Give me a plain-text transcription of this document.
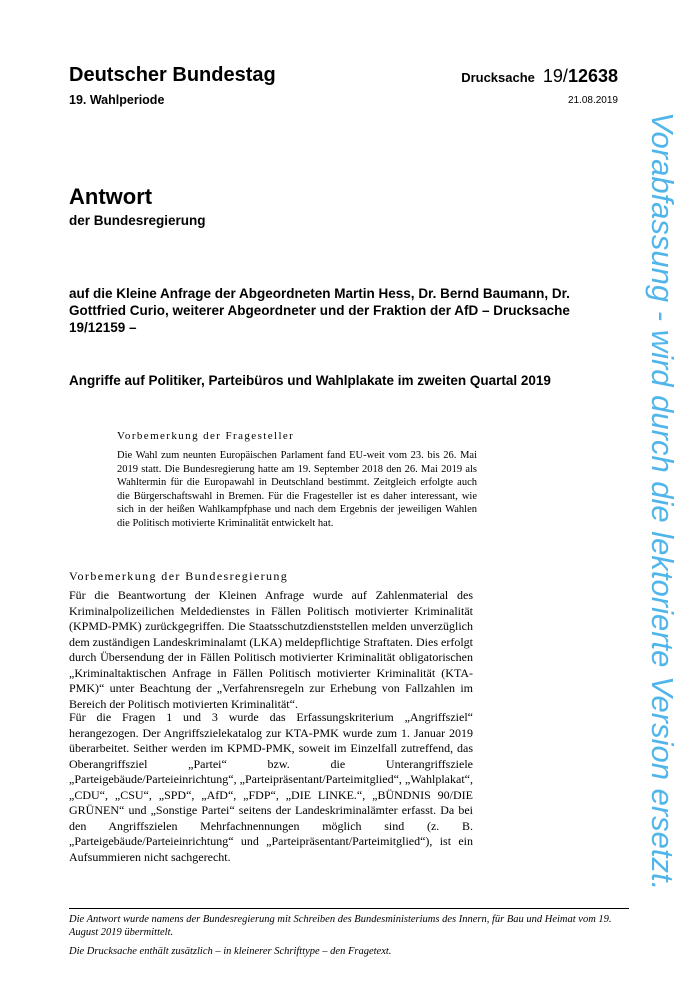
Deutscher Bundestag
19. Wahlperiode
Drucksache 19/12638
21.08.2019
Antwort
der Bundesregierung
auf die Kleine Anfrage der Abgeordneten Martin Hess, Dr. Bernd Baumann, Dr. Gottfried Curio, weiterer Abgeordneter und der Fraktion der AfD – Drucksache 19/12159 –
Angriffe auf Politiker, Parteibüros und Wahlplakate im zweiten Quartal 2019
Vorbemerkung der Fragesteller
Die Wahl zum neunten Europäischen Parlament fand EU-weit vom 23. bis 26. Mai 2019 statt. Die Bundesregierung hatte am 19. September 2018 den 26. Mai 2019 als Wahltermin für die Europawahl in Deutschland bestimmt. Zeitgleich erfolgte auch die Bürgerschaftswahl in Bremen. Für die Fragesteller ist es daher interessant, wie sich in der heißen Wahlkampfphase und nach dem Ergebnis der jeweiligen Wahlen die Politisch motivierte Kriminalität entwickelt hat.
Vorbemerkung der Bundesregierung

Für die Beantwortung der Kleinen Anfrage wurde auf Zahlenmaterial des Kriminalpolizeilichen Meldedienstes in Fällen Politisch motivierter Kriminalität (KPMD-PMK) zurückgegriffen. Die Staatsschutzdienststellen melden unverzüglich dem zuständigen Landeskriminalamt (LKA) meldepflichtige Straftaten. Dies erfolgt durch Übersendung der in Fällen Politisch motivierter Kriminalität obligatorischen „Kriminaltaktischen Anfrage in Fällen Politisch motivierter Kriminalität (KTA-PMK)“ unter Beachtung der „Verfahrensregeln zur Erhebung von Fallzahlen im Bereich der Politisch motivierten Kriminalität“.

Für die Fragen 1 und 3 wurde das Erfassungskriterium „Angriffsziel“ herangezogen. Der Angriffszielekatalog zur KTA-PMK wurde zum 1. Januar 2019 überarbeitet. Seither werden im KPMD-PMK, soweit im Einzelfall zutreffend, das Oberangriffsziel „Partei“ bzw. die Unterangriffsziele „Parteigebäude/Parteieinrichtung“, „Parteipräsentant/Parteimitglied“, „Wahlplakat“, „CDU“, „CSU“, „SPD“, „AfD“, „FDP“, „DIE LINKE.“, „BÜNDNIS 90/DIE GRÜNEN“ und „Sonstige Partei“ seitens der Landeskriminalämter erfasst. Da bei den Angriffszielen Mehrfachnennungen möglich sind (z. B. „Parteigebäude/Parteieinrichtung“ und „Parteipräsentant/Parteimitglied“), ist ein Aufsummieren nicht sachgerecht.

Die Antwort wurde namens der Bundesregierung mit Schreiben des Bundesministeriums des Innern, für Bau und Heimat vom 19. August 2019 übermittelt.

Die Drucksache enthält zusätzlich – in kleinerer Schrifttype – den Fragetext.

Vorabfassung - wird durch die lektorierte Version ersetzt.
